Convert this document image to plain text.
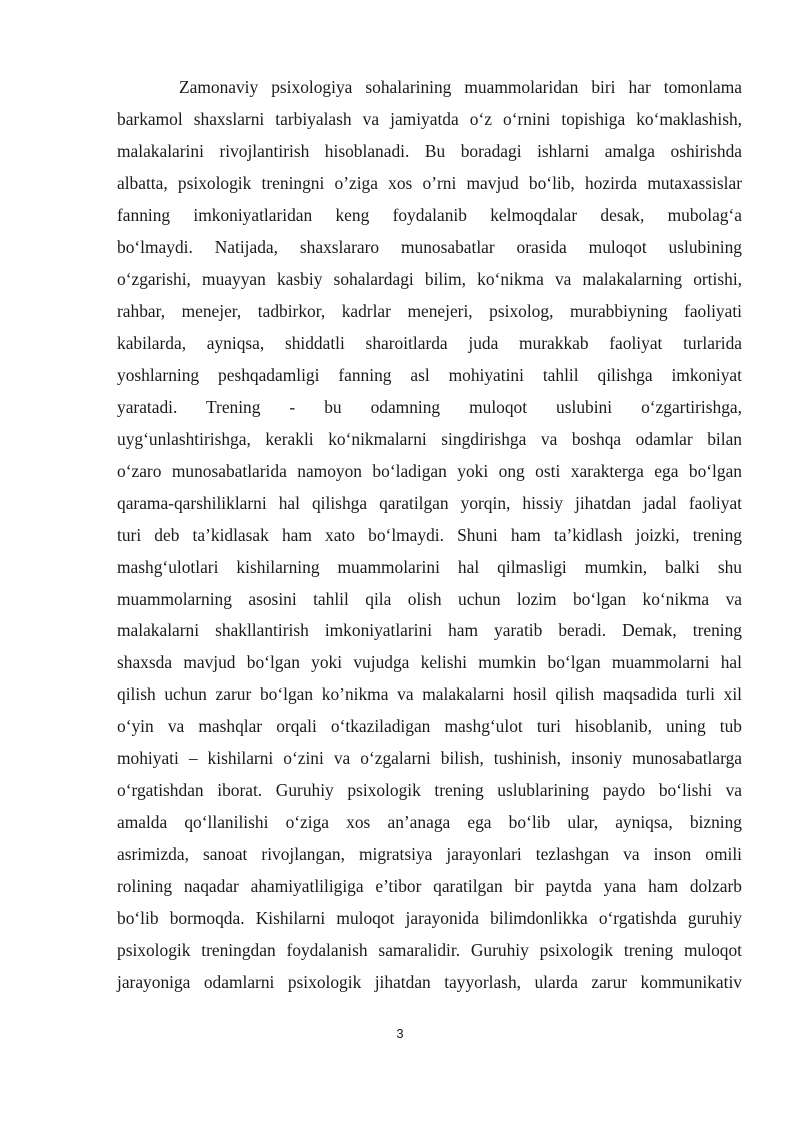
Zamonaviy psixologiya sohalarining muammolaridan biri har tomonlama
barkamol shaxslarni tarbiyalash va jamiyatda o‘z o‘rnini topishiga ko‘maklashish,
malakalarini rivojlantirish hisoblanadi. Bu boradagi ishlarni amalga oshirishda
albatta, psixologik treningni o’ziga xos o’rni mavjud bo‘lib, hozirda mutaxassislar
fanning imkoniyatlaridan keng foydalanib kelmoqdalar desak, mubolag‘a
bo‘lmaydi. Natijada, shaxslararo munosabatlar orasida muloqot uslubining
o‘zgarishi, muayyan kasbiy sohalardagi bilim, ko‘nikma va malakalarning ortishi,
rahbar, menejer, tadbirkor, kadrlar menejeri, psixolog, murabbiyning faoliyati
kabilarda, ayniqsa, shiddatli sharoitlarda juda murakkab faoliyat turlarida
yoshlarning peshqadamligi fanning asl mohiyatini tahlil qilishga imkoniyat
yaratadi. Trening - bu odamning muloqot uslubini o‘zgartirishga,
uyg‘unlashtirishga, kerakli ko‘nikmalarni singdirishga va boshqa odamlar bilan
o‘zaro munosabatlarida namoyon bo‘ladigan yoki ong osti xarakterga ega bo‘lgan
qarama-qarshiliklarni hal qilishga qaratilgan yorqin, hissiy jihatdan jadal faoliyat
turi deb ta’kidlasak ham xato bo‘lmaydi. Shuni ham ta’kidlash joizki, trening
mashg‘ulotlari kishilarning muammolarini hal qilmasligi mumkin, balki shu
muammolarning asosini tahlil qila olish uchun lozim bo‘lgan ko‘nikma va
malakalarni shakllantirish imkoniyatlarini ham yaratib beradi. Demak, trening
shaxsda mavjud bo‘lgan yoki vujudga kelishi mumkin bo‘lgan muammolarni hal
qilish uchun zarur bo‘lgan ko’nikma va malakalarni hosil qilish maqsadida turli xil
o‘yin va mashqlar orqali o‘tkaziladigan mashg‘ulot turi hisoblanib, uning tub
mohiyati – kishilarni o‘zini va o‘zgalarni bilish, tushinish, insoniy munosabatlarga
o‘rgatishdan iborat. Guruhiy psixologik trening uslublarining paydo bo‘lishi va
amalda qo‘llanilishi o‘ziga xos an’anaga ega bo‘lib ular, ayniqsa, bizning
asrimizda, sanoat rivojlangan, migratsiya jarayonlari tezlashgan va inson omili
rolining naqadar ahamiyatliligiga e’tibor qaratilgan bir paytda yana ham dolzarb
bo‘lib bormoqda. Kishilarni muloqot jarayonida bilimdonlikka o‘rgatishda guruhiy
psixologik treningdan foydalanish samaralidir. Guruhiy psixologik trening muloqot
jarayoniga odamlarni psixologik jihatdan tayyorlash, ularda zarur kommunikativ
3
